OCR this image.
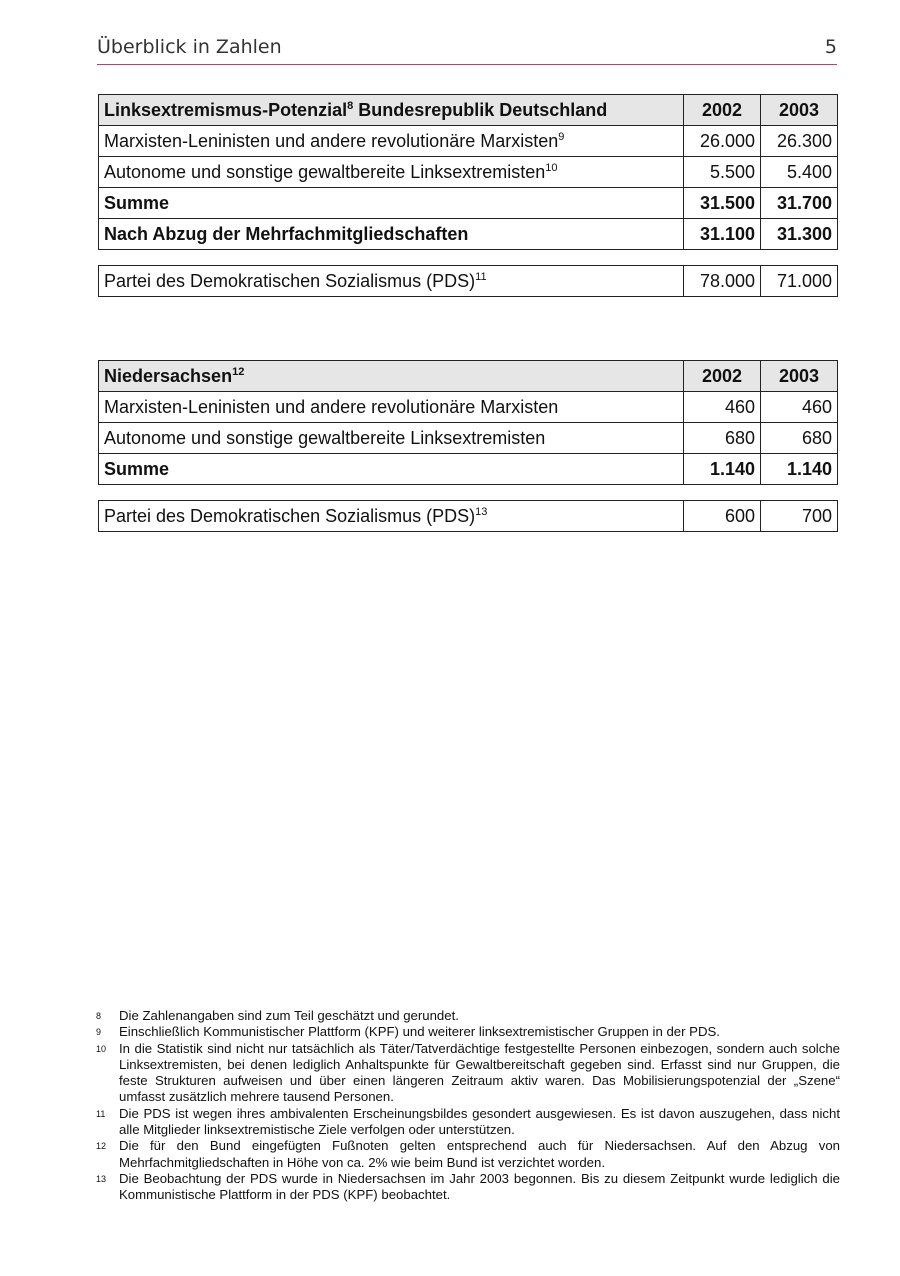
Überblick in Zahlen	5
Linksextremismus-Potenzial$^8$ Bundesrepublik Deutschland	2002	2003
Marxisten-Leninisten und andere revolutionäre Marxisten$^9$	26.000	26.300
Autonome und sonstige gewaltbereite Linksextremisten$^{10}$	5.500	5.400
Summe	31.500	31.700
Nach Abzug der Mehrfachmitgliedschaften	31.100	31.300
Partei des Demokratischen Sozialismus (PDS)$^{11}$	78.000	71.000
Niedersachsen$^{12}$	2002	2003
Marxisten-Leninisten und andere revolutionäre Marxisten	460	460
Autonome und sonstige gewaltbereite Linksextremisten	680	680
Summe	1.140	1.140
Partei des Demokratischen Sozialismus (PDS)$^{13}$	600	700
8 Die Zahlenangaben sind zum Teil geschätzt und gerundet.
9 Einschließlich Kommunistischer Plattform (KPF) und weiterer linksextremistischer Gruppen in der PDS.
10 In die Statistik sind nicht nur tatsächlich als Täter/Tatverdächtige festgestellte Personen einbezogen, sondern auch solche Linksextremisten, bei denen lediglich Anhaltspunkte für Gewaltbereitschaft gegeben sind. Erfasst sind nur Gruppen, die feste Strukturen aufweisen und über einen längeren Zeitraum aktiv waren. Das Mobilisierungspotenzial der „Szene“ umfasst zusätzlich mehrere tausend Personen.
11 Die PDS ist wegen ihres ambivalenten Erscheinungsbildes gesondert ausgewiesen. Es ist davon auszugehen, dass nicht alle Mitglieder linksextremistische Ziele verfolgen oder unterstützen.
12 Die für den Bund eingefügten Fußnoten gelten entsprechend auch für Niedersachsen. Auf den Abzug von Mehrfachmitgliedschaften in Höhe von ca. 2% wie beim Bund ist verzichtet worden.
13 Die Beobachtung der PDS wurde in Niedersachsen im Jahr 2003 begonnen. Bis zu diesem Zeitpunkt wurde lediglich die Kommunistische Plattform in der PDS (KPF) beobachtet.
